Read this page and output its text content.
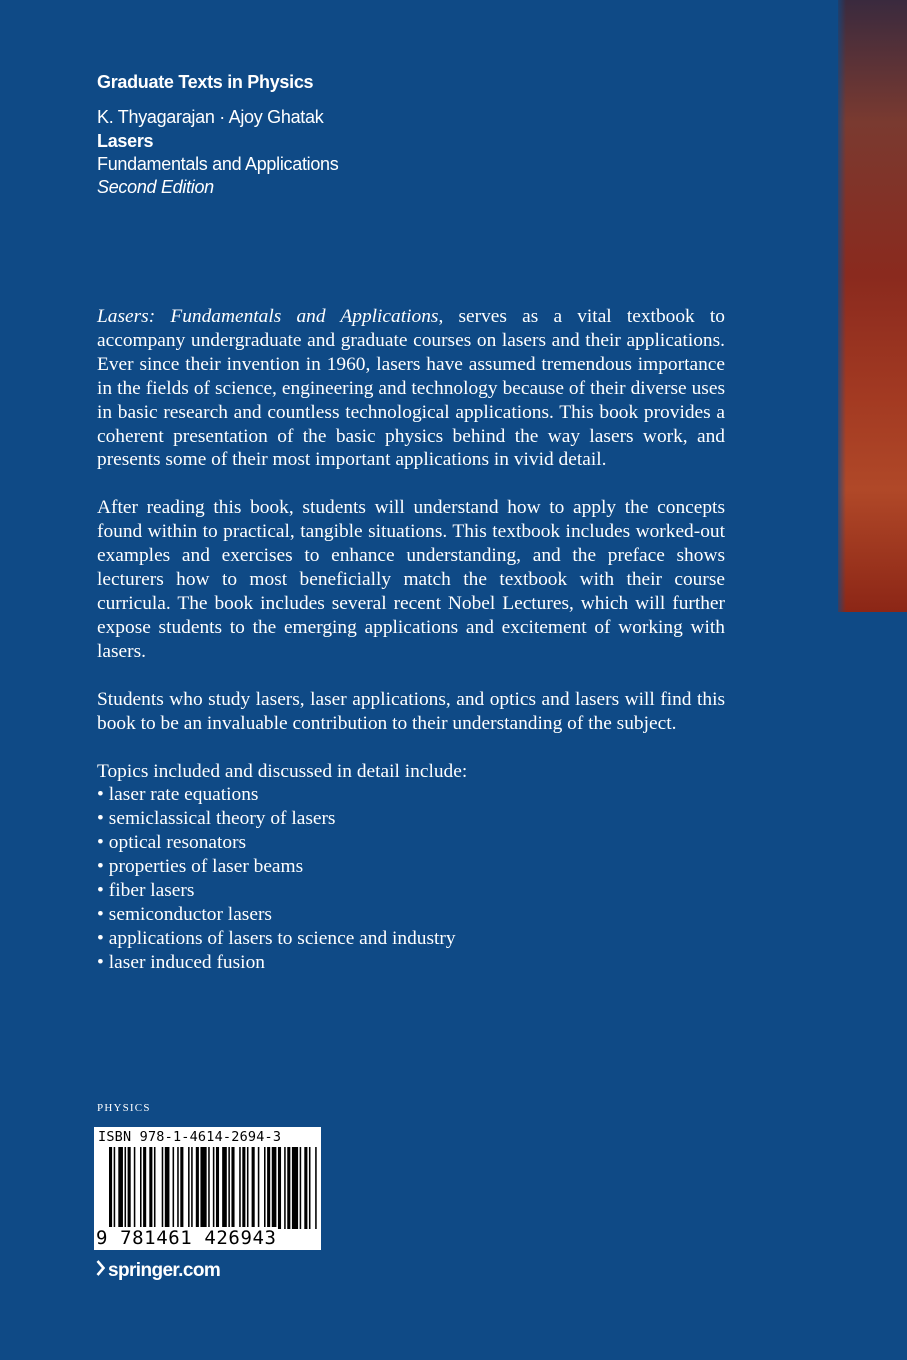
Graduate Texts in Physics
K. Thyagarajan · Ajoy Ghatak
Lasers
Fundamentals and Applications
Second Edition

Lasers: Fundamentals and Applications, serves as a vital textbook to accompany undergraduate and graduate courses on lasers and their applications. Ever since their invention in 1960, lasers have assumed tremendous importance in the fields of science, engineering and technology because of their diverse uses in basic research and countless technological applications. This book provides a coherent presentation of the basic physics behind the way lasers work, and presents some of their most important applications in vivid detail.

After reading this book, students will understand how to apply the concepts found within to practical, tangible situations. This textbook includes worked-out examples and exercises to enhance understanding, and the preface shows lecturers how to most beneficially match the textbook with their course curricula. The book includes several recent Nobel Lectures, which will further expose students to the emerging applications and excitement of working with lasers.

Students who study lasers, laser applications, and optics and lasers will find this book to be an invaluable contribution to their understanding of the subject.

Topics included and discussed in detail include:
• laser rate equations
• semiclassical theory of lasers
• optical resonators
• properties of laser beams
• fiber lasers
• semiconductor lasers
• applications of lasers to science and industry
• laser induced fusion
PHYSICS
ISBN 978-1-4614-2694-3
9 781461 426943
springer.com
